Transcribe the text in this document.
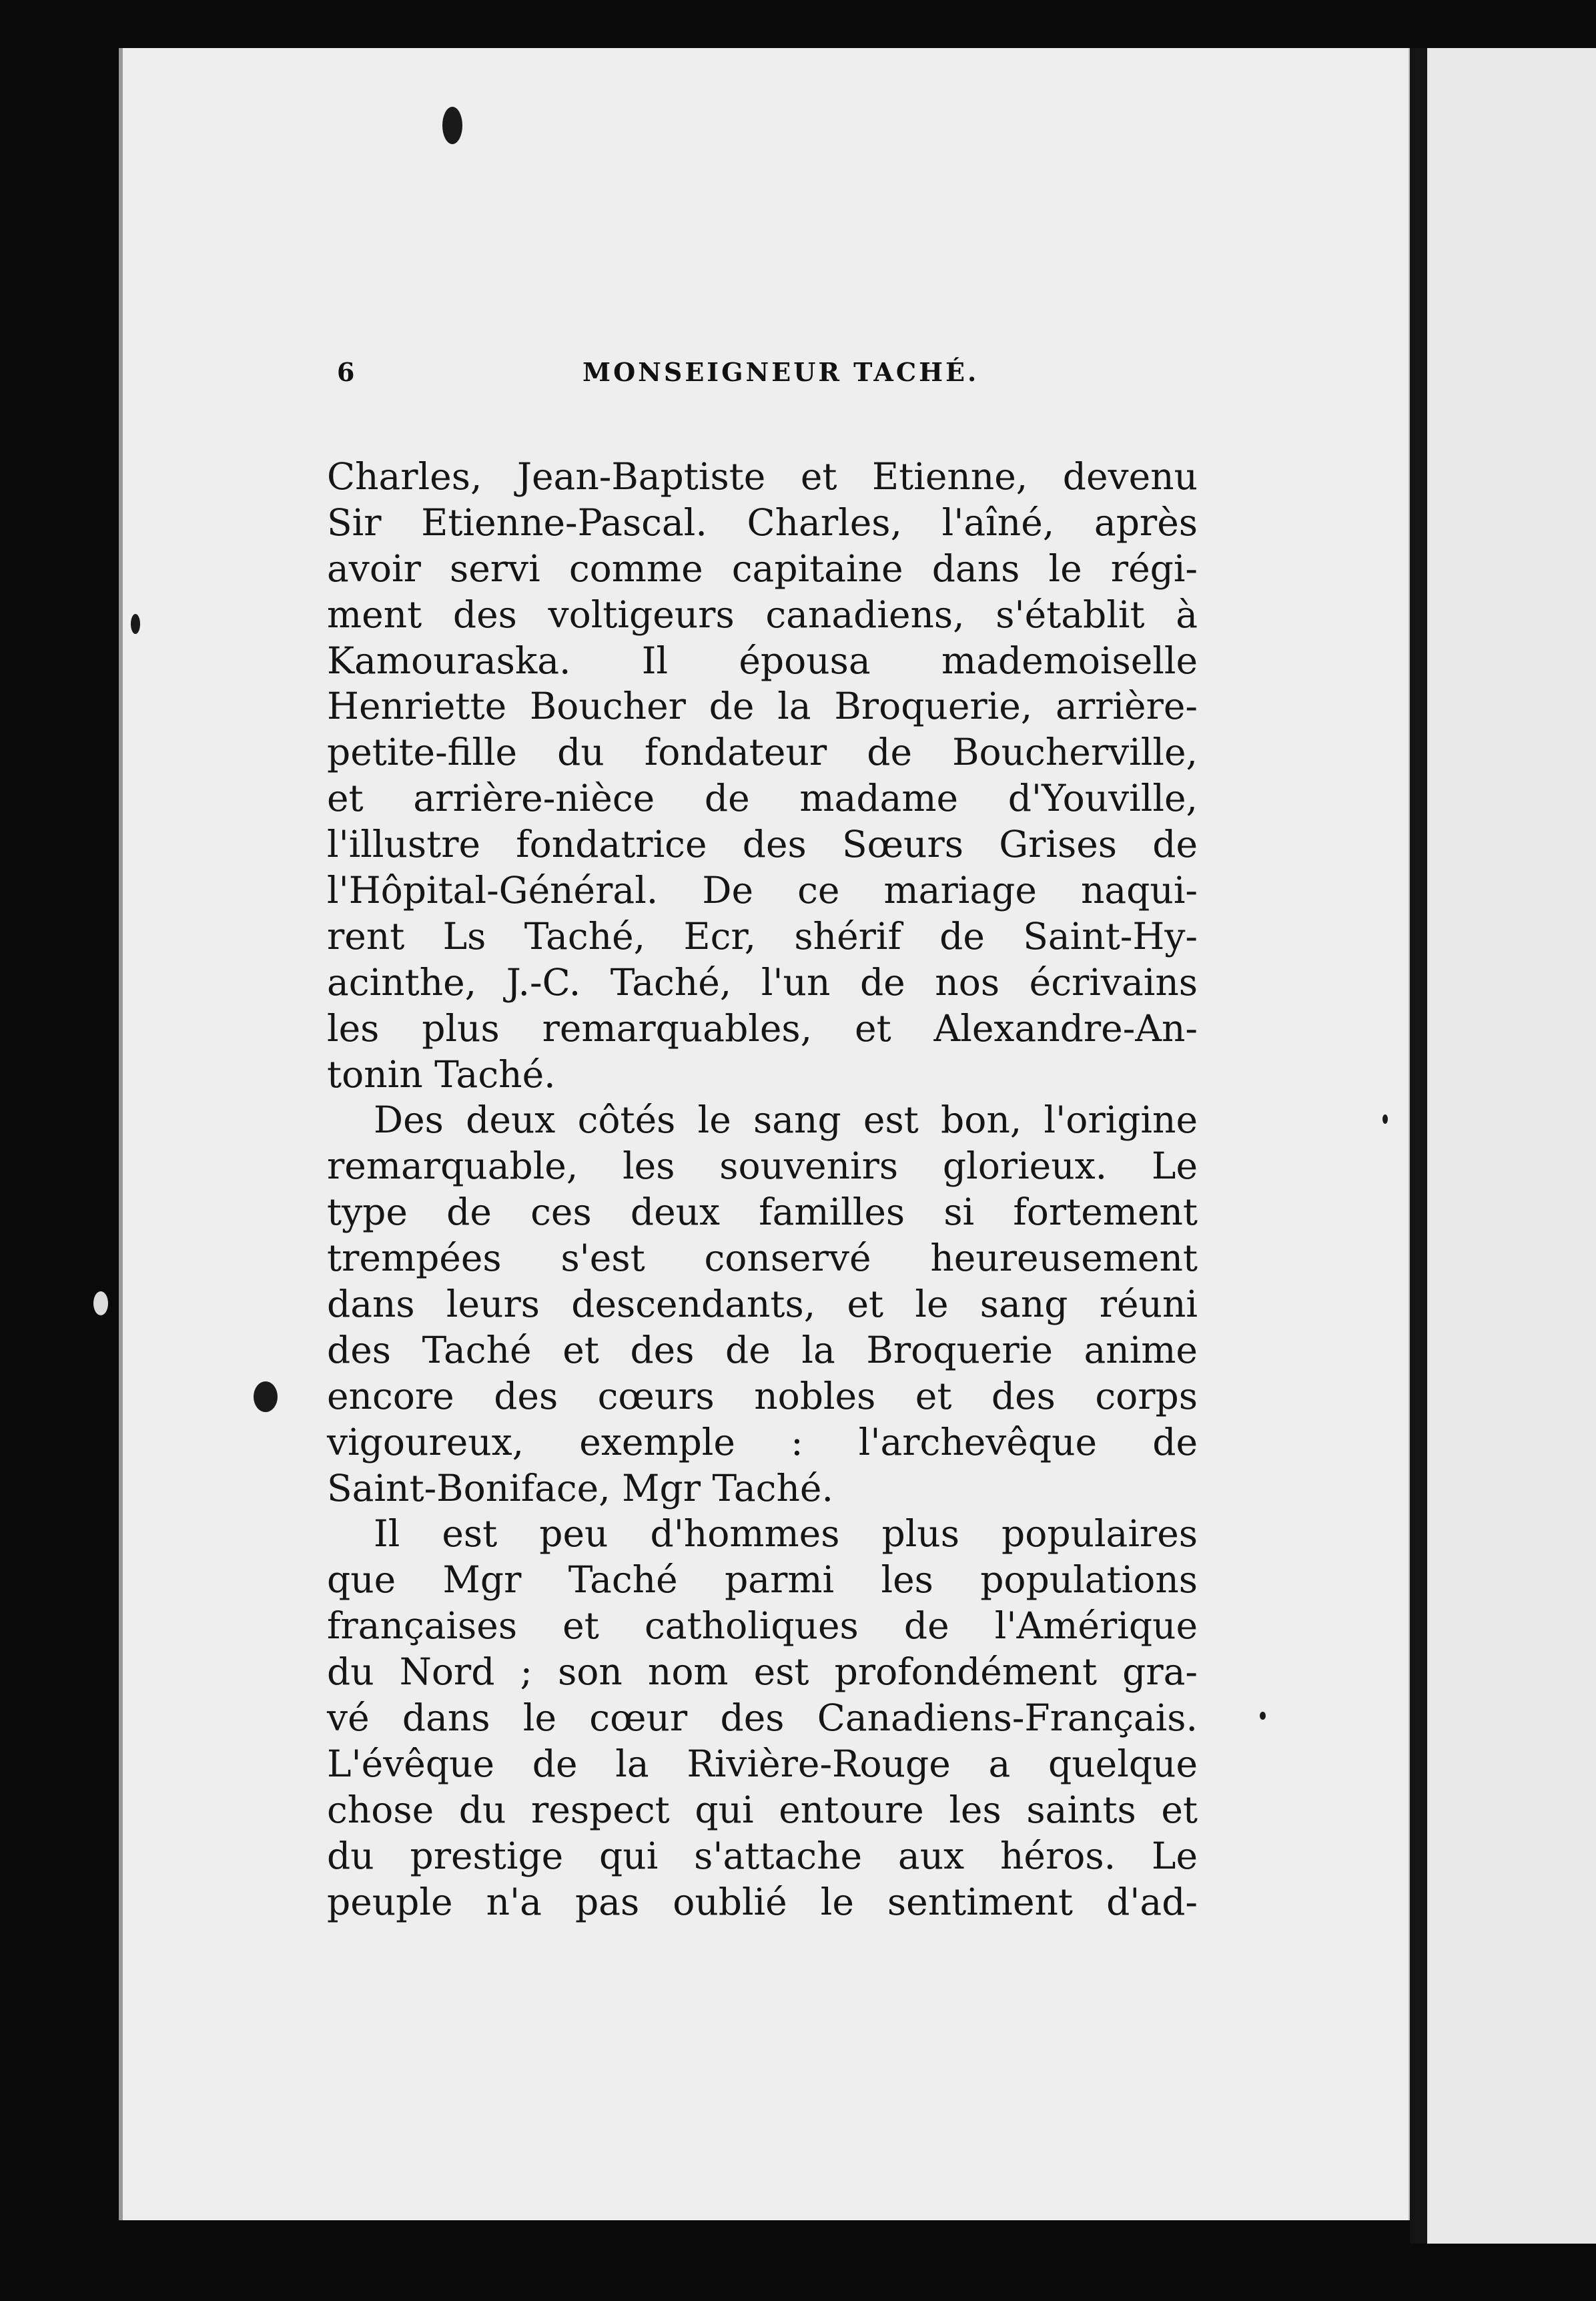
6	MONSEIGNEUR TACHÉ.
Charles, Jean-Baptiste et Etienne, devenu
Sir Etienne-Pascal. Charles, l'aîné, après
avoir servi comme capitaine dans le régi-
ment des voltigeurs canadiens, s'établit à
Kamouraska. Il épousa mademoiselle
Henriette Boucher de la Broquerie, arrière-
petite-fille du fondateur de Boucherville,
et arrière-nièce de madame d'Youville,
l'illustre fondatrice des Sœurs Grises de
l'Hôpital-Général. De ce mariage naqui-
rent Ls Taché, Ecr, shérif de Saint-Hy-
acinthe, J.-C. Taché, l'un de nos écrivains
les plus remarquables, et Alexandre-An-
tonin Taché.
Des deux côtés le sang est bon, l'origine
remarquable, les souvenirs glorieux. Le
type de ces deux familles si fortement
trempées s'est conservé heureusement
dans leurs descendants, et le sang réuni
des Taché et des de la Broquerie anime
encore des cœurs nobles et des corps
vigoureux, exemple : l'archevêque de
Saint-Boniface, Mgr Taché.
Il est peu d'hommes plus populaires
que Mgr Taché parmi les populations
françaises et catholiques de l'Amérique
du Nord ; son nom est profondément gra-
vé dans le cœur des Canadiens-Français.
L'évêque de la Rivière-Rouge a quelque
chose du respect qui entoure les saints et
du prestige qui s'attache aux héros. Le
peuple n'a pas oublié le sentiment d'ad-
